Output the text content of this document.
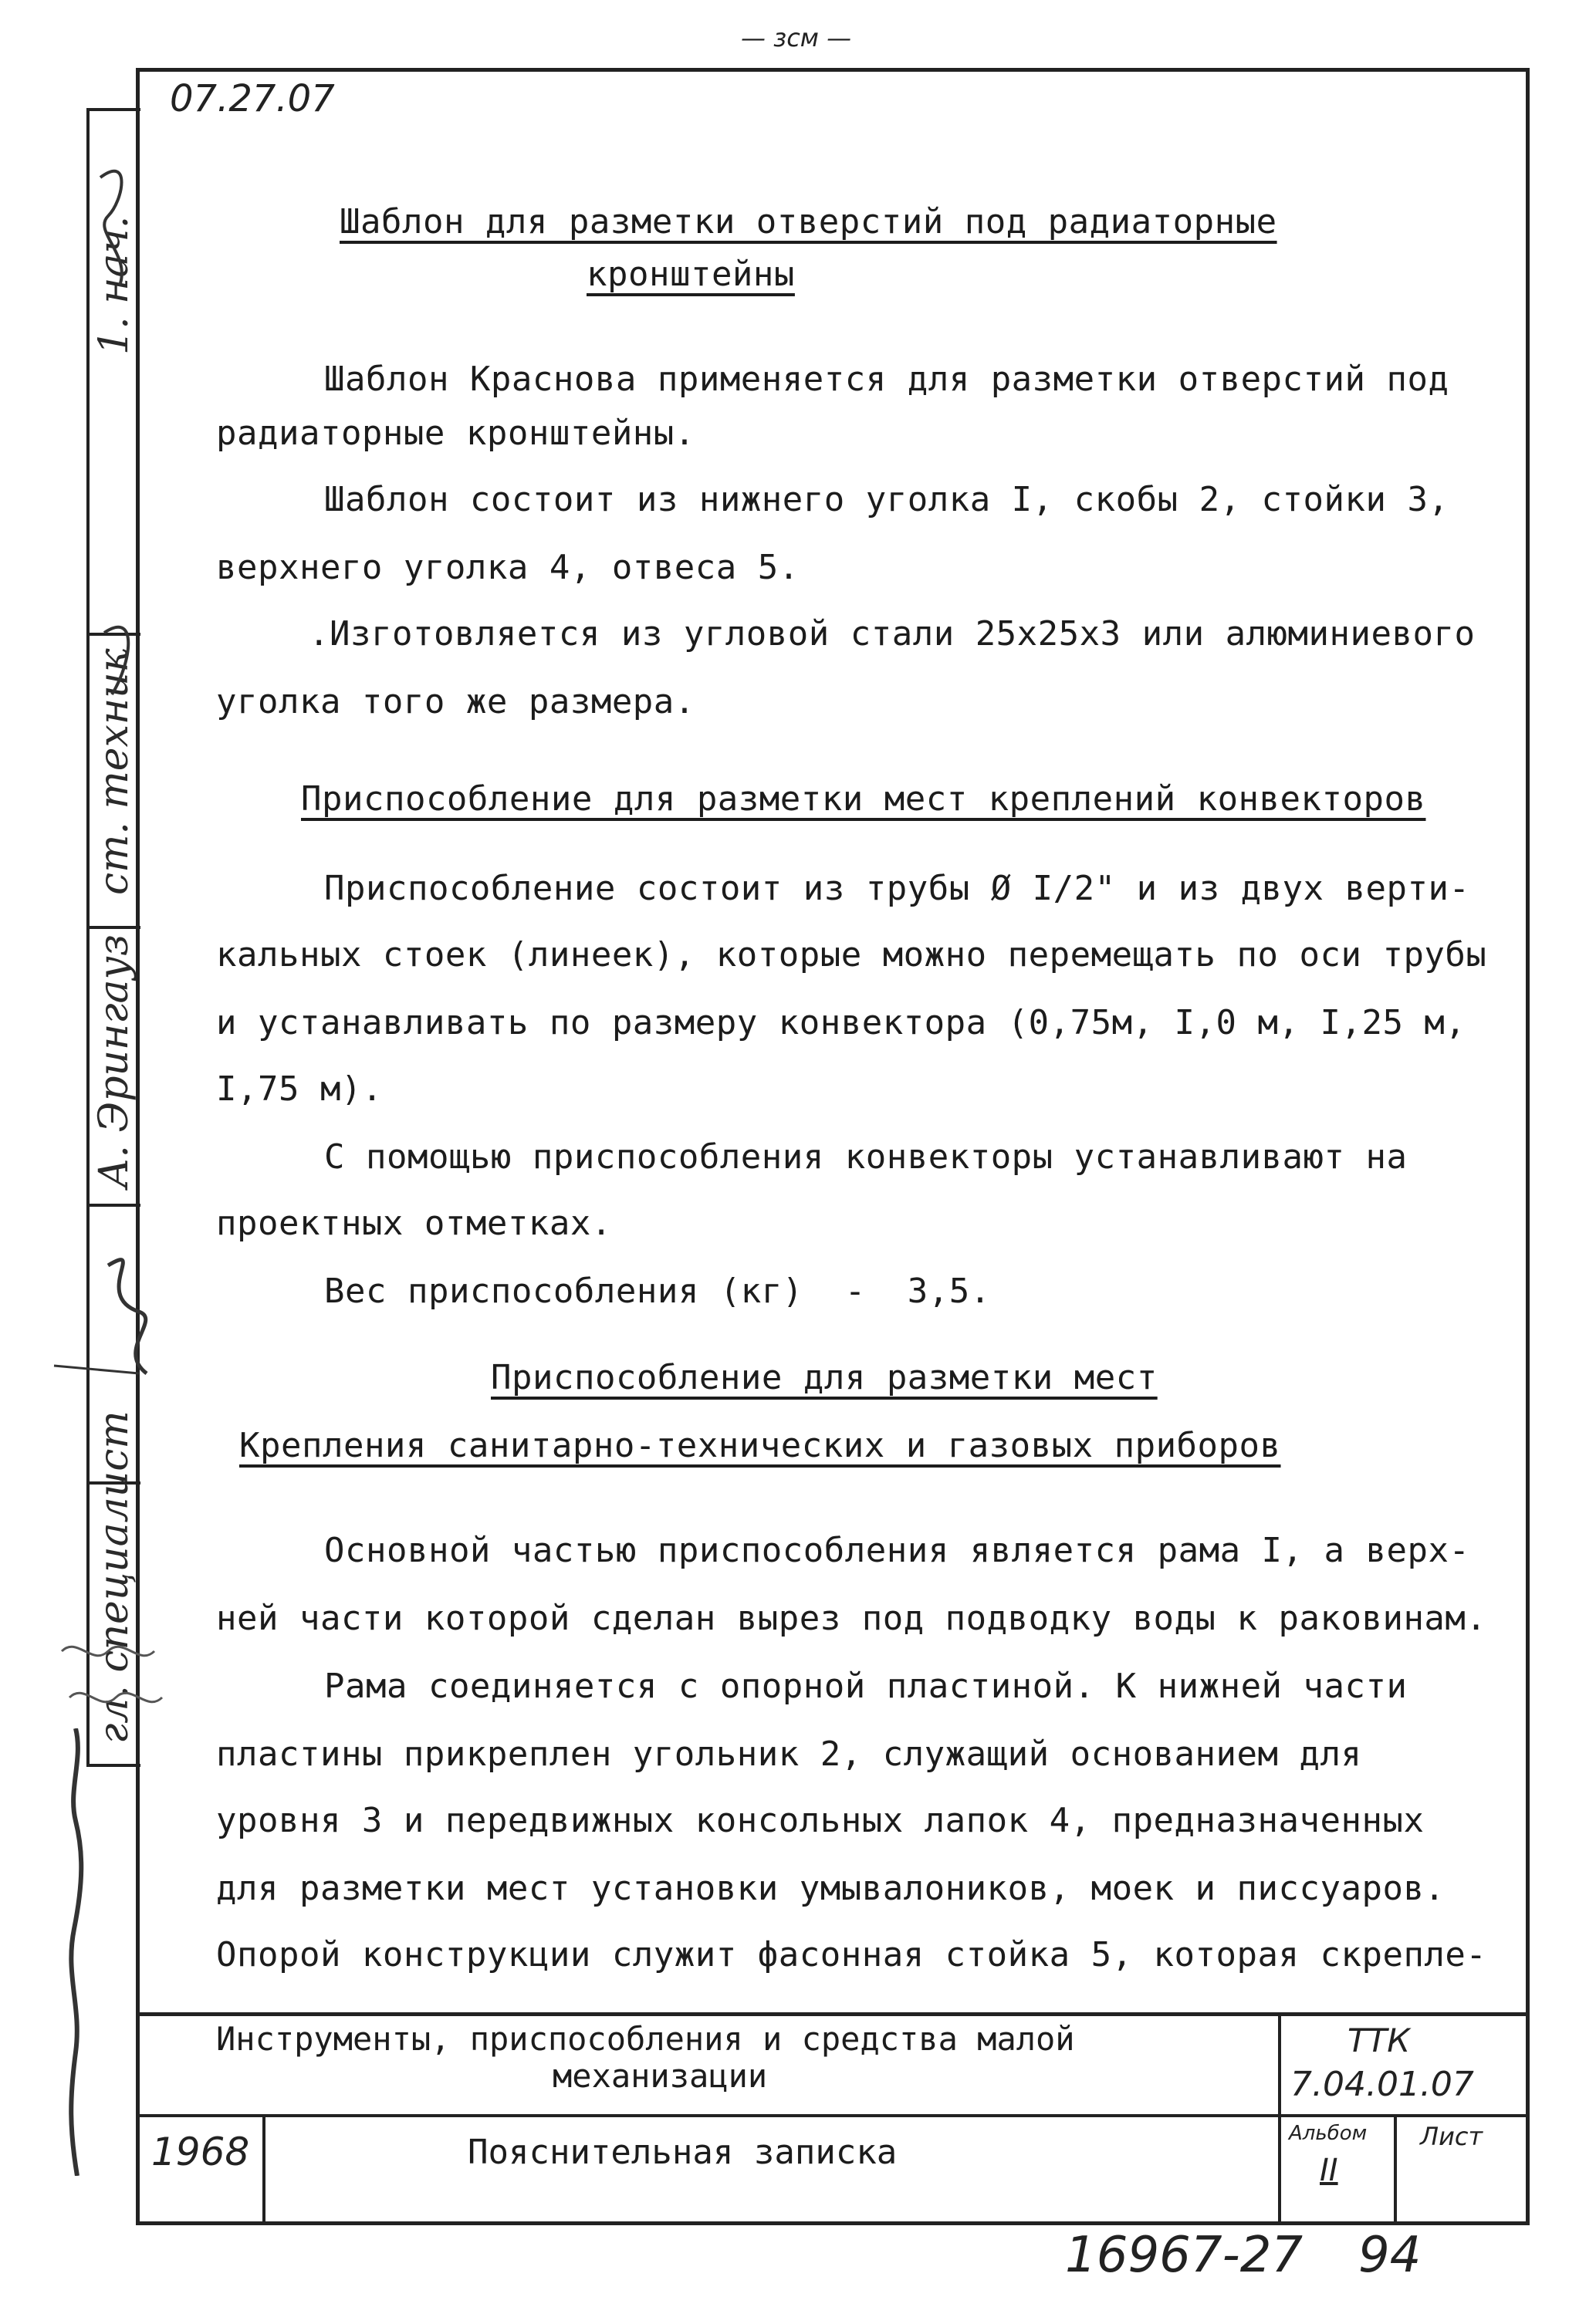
— зсм —
1. нач.
ст. техник
А. Эрингауз
гл. специалист
07.27.07
Шаблон для разметки отверстий под радиаторные
кронштейны
Шаблон Краснова применяется для разметки отверстий под
радиаторные кронштейны.
Шаблон состоит из нижнего уголка I, скобы 2, стойки 3,
верхнего уголка 4, отвеса 5.
.Изготовляется из угловой стали 25х25х3 или алюминиевого
уголка того же размера.
Приспособление для разметки мест креплений конвекторов
Приспособление состоит из трубы Ø I/2" и из двух верти-
кальных стоек (линеек), которые можно перемещать по оси трубы
и устанавливать по размеру конвектора (0,75м, I,0 м, I,25 м,
I,75 м).
С помощью приспособления конвекторы устанавливают на
проектных отметках.
Вес приспособления (кг)  -  3,5.
Приспособление для разметки мест
Крепления санитарно-технических и газовых приборов
Основной частью приспособления является рама I, а верх-
ней части которой сделан вырез под подводку воды к раковинам.
Рама соединяется с опорной пластиной. К нижней части
пластины прикреплен угольник 2, служащий основанием для
уровня 3 и передвижных консольных лапок 4, предназначенных
для разметки мест установки умывалоников, моек и писсуаров.
Опорой конструкции служит фасонная стойка 5, которая скрепле-
Инструменты, приспособления и средства малой
механизации
ТТК
7.04.01.07
1968	Пояснительная записка	Альбом
II
Лист
16967-27 94
